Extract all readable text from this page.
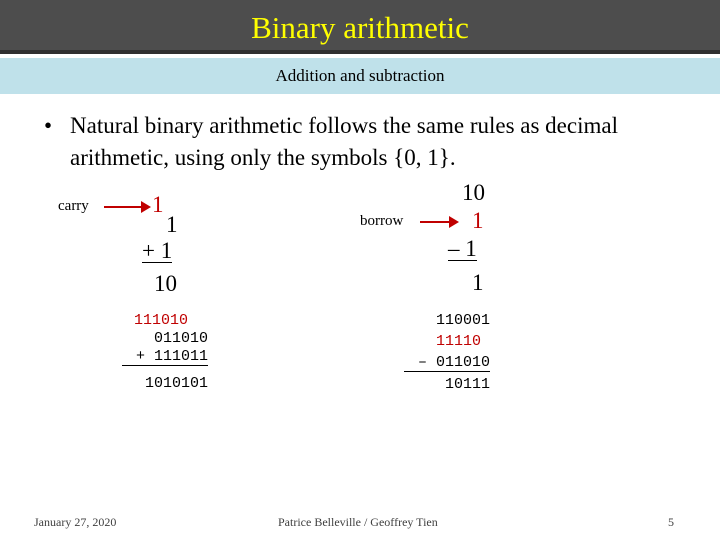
Binary arithmetic
Addition and subtraction
• Natural binary arithmetic follows the same rules as decimal arithmetic, using only the symbols {0, 1}.
carry	1
1
+ 1
10
111010
011010
+ 111011
1010101
borrow
10
1
– 1
1
110001
11110
– 011010
10111
January 27, 2020	Patrice Belleville / Geoffrey Tien	5
